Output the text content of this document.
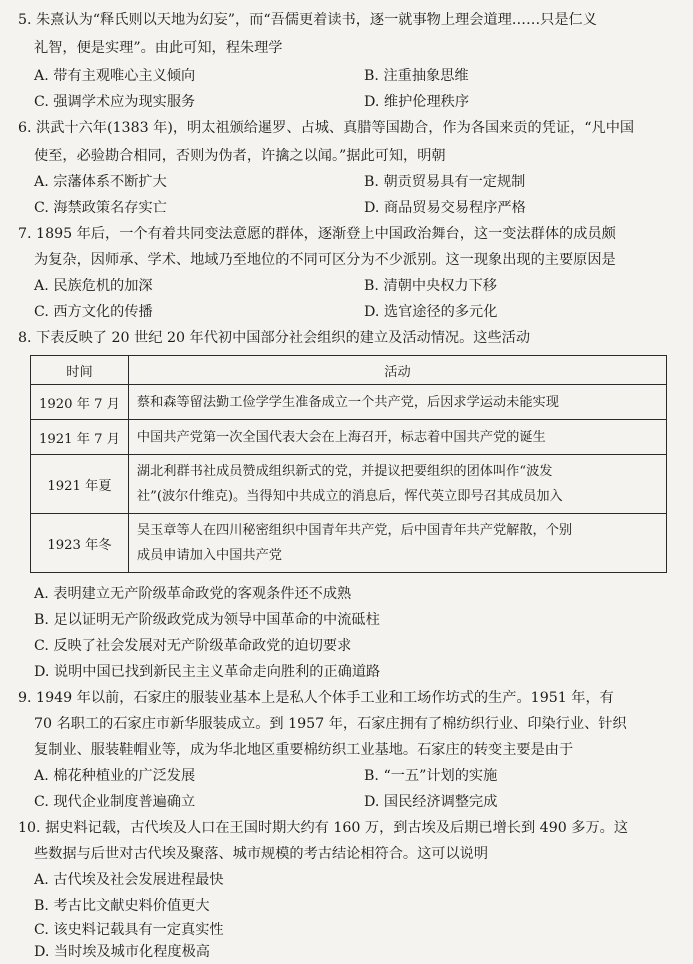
5. 朱熹认为“释氏则以天地为幻妄”，而“吾儒更着读书，逐一就事物上理会道理……只是仁义
礼智，便是实理”。由此可知，程朱理学
A. 带有主观唯心主义倾向	B. 注重抽象思维
C. 强调学术应为现实服务	D. 维护伦理秩序
6. 洪武十六年(1383 年)，明太祖颁给暹罗、占城、真腊等国勘合，作为各国来贡的凭证，“凡中国
使至，必验勘合相同，否则为伪者，许擒之以闻。”据此可知，明朝
A. 宗藩体系不断扩大	B. 朝贡贸易具有一定规制
C. 海禁政策名存实亡	D. 商品贸易交易程序严格
7. 1895 年后，一个有着共同变法意愿的群体，逐渐登上中国政治舞台，这一变法群体的成员颇
为复杂，因师承、学术、地域乃至地位的不同可区分为不少派别。这一现象出现的主要原因是
A. 民族危机的加深	B. 清朝中央权力下移
C. 西方文化的传播	D. 选官途径的多元化
8. 下表反映了 20 世纪 20 年代初中国部分社会组织的建立及活动情况。这些活动
时间	活动
1920 年 7 月	蔡和森等留法勤工俭学学生准备成立一个共产党，后因求学运动未能实现
1921 年 7 月	中国共产党第一次全国代表大会在上海召开，标志着中国共产党的诞生
1921 年夏	湖北利群书社成员赞成组织新式的党，并提议把要组织的团体叫作“波发
社”(波尔什维克)。当得知中共成立的消息后，恽代英立即号召其成员加入

1923 年冬	吴玉章等人在四川秘密组织中国青年共产党，后中国青年共产党解散，个别
成员申请加入中国共产党
A. 表明建立无产阶级革命政党的客观条件还不成熟
B. 足以证明无产阶级政党成为领导中国革命的中流砥柱
C. 反映了社会发展对无产阶级革命政党的迫切要求
D. 说明中国已找到新民主主义革命走向胜利的正确道路
9. 1949 年以前，石家庄的服装业基本上是私人个体手工业和工场作坊式的生产。1951 年，有
70 名职工的石家庄市新华服装成立。到 1957 年，石家庄拥有了棉纺织行业、印染行业、针织
复制业、服装鞋帽业等，成为华北地区重要棉纺织工业基地。石家庄的转变主要是由于
A. 棉花种植业的广泛发展	B. “一五”计划的实施
C. 现代企业制度普遍确立	D. 国民经济调整完成
10. 据史料记载，古代埃及人口在王国时期大约有 160 万，到古埃及后期已增长到 490 多万。这
些数据与后世对古代埃及聚落、城市规模的考古结论相符合。这可以说明
A. 古代埃及社会发展进程最快
B. 考古比文献史料价值更大
C. 该史料记载具有一定真实性
D. 当时埃及城市化程度极高
